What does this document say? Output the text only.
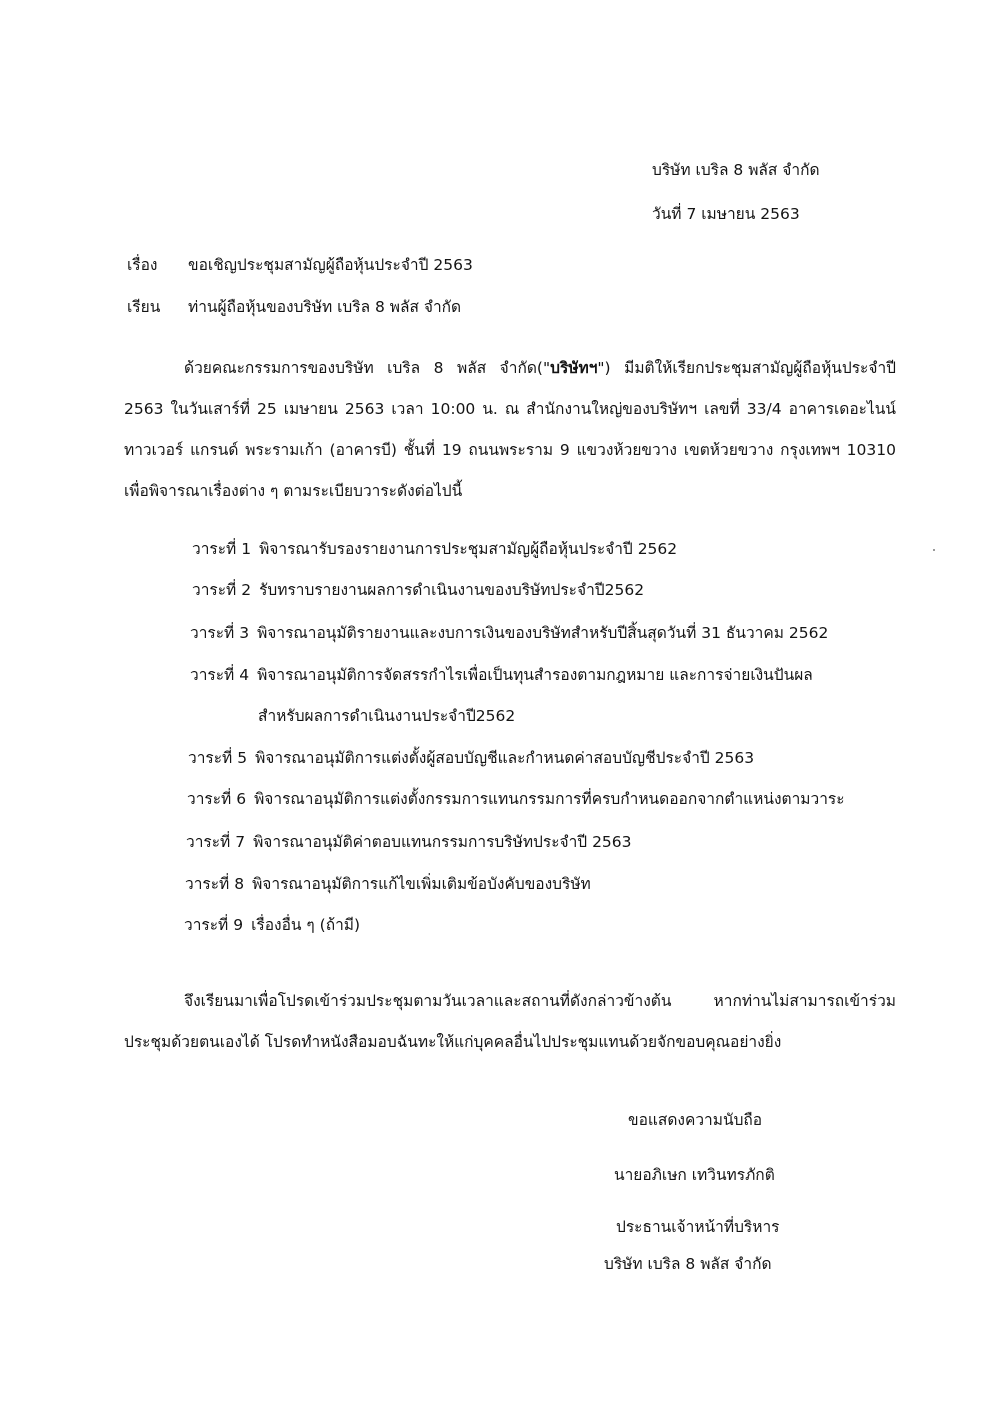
บริษัท เบริล 8 พลัส จำกัด
วันที่ 7 เมษายน 2563
เรื่อง ขอเชิญประชุมสามัญผู้ถือหุ้นประจำปี 2563
เรียน ท่านผู้ถือหุ้นของบริษัท เบริล 8 พลัส จำกัด
ด้วยคณะกรรมการของบริษัท เบริล 8 พลัส จำกัด("บริษัทฯ") มีมติให้เรียกประชุมสามัญผู้ถือหุ้นประจำปี 2563 ในวันเสาร์ที่ 25 เมษายน 2563 เวลา 10:00 น. ณ สำนักงานใหญ่ของบริษัทฯ เลขที่ 33/4 อาคารเดอะไนน์ ทาวเวอร์ แกรนด์ พระรามเก้า (อาคารบี) ชั้นที่ 19 ถนนพระราม 9 แขวงห้วยขวาง เขตห้วยขวาง กรุงเทพฯ 10310 เพื่อพิจารณาเรื่องต่าง ๆ ตามระเบียบวาระดังต่อไปนี้
วาระที่ 1 พิจารณารับรองรายงานการประชุมสามัญผู้ถือหุ้นประจำปี 2562
วาระที่ 2 รับทราบรายงานผลการดำเนินงานของบริษัทประจำปี2562
วาระที่ 3 พิจารณาอนุมัติรายงานและงบการเงินของบริษัทสำหรับปีสิ้นสุดวันที่ 31 ธันวาคม 2562
วาระที่ 4 พิจารณาอนุมัติการจัดสรรกำไรเพื่อเป็นทุนสำรองตามกฎหมาย และการจ่ายเงินปันผล
สำหรับผลการดำเนินงานประจำปี2562
วาระที่ 5 พิจารณาอนุมัติการแต่งตั้งผู้สอบบัญชีและกำหนดค่าสอบบัญชีประจำปี 2563
วาระที่ 6 พิจารณาอนุมัติการแต่งตั้งกรรมการแทนกรรมการที่ครบกำหนดออกจากตำแหน่งตามวาระ
วาระที่ 7 พิจารณาอนุมัติค่าตอบแทนกรรมการบริษัทประจำปี 2563
วาระที่ 8 พิจารณาอนุมัติการแก้ไขเพิ่มเติมข้อบังคับของบริษัท
วาระที่ 9 เรื่องอื่น ๆ (ถ้ามี)
จึงเรียนมาเพื่อโปรดเข้าร่วมประชุมตามวันเวลาและสถานที่ดังกล่าวข้างต้น หากท่านไม่สามารถเข้าร่วมประชุมด้วยตนเองได้ โปรดทำหนังสือมอบฉันทะให้แก่บุคคลอื่นไปประชุมแทนด้วยจักขอบคุณอย่างยิ่ง
ขอแสดงความนับถือ
นายอภิเษก เทวินทรภักติ
ประธานเจ้าหน้าที่บริหาร
บริษัท เบริล 8 พลัส จำกัด
